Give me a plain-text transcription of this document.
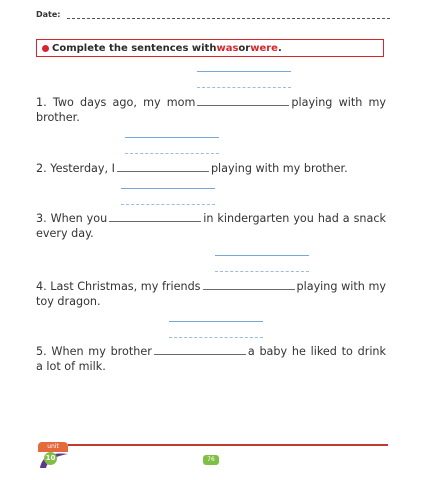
Date:
Complete the sentences with was or were .
1. Two days ago, my mom	playing with my brother.
2. Yesterday, I	playing with my brother.
3. When you	in kindergarten you had a snack every day.
4. Last Christmas, my friends	playing with my toy dragon.
5. When my brother	a baby he liked to drink a lot of milk.
unit
10	76
